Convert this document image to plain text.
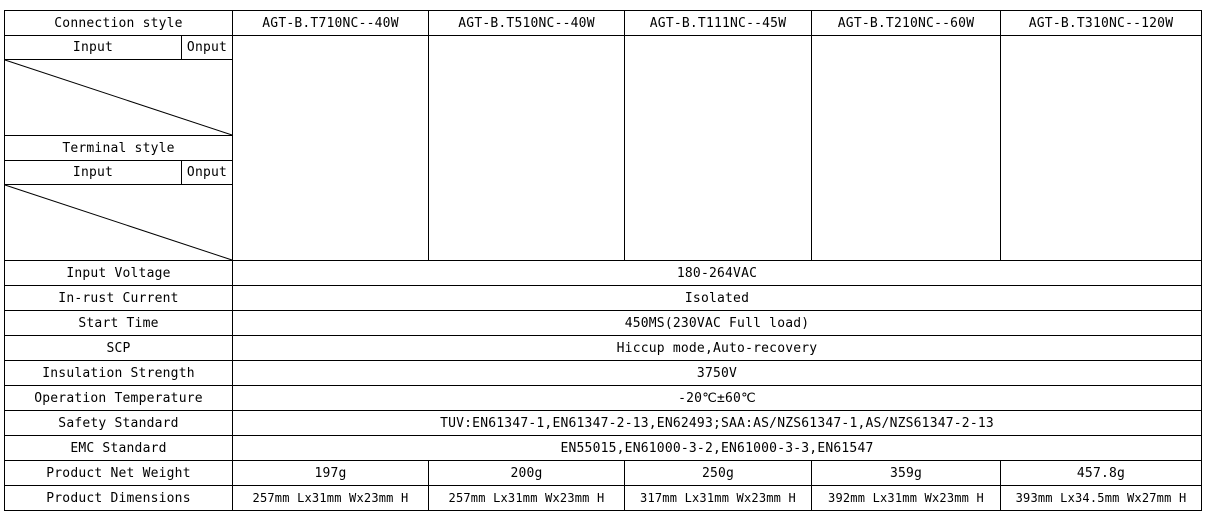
Connection style	AGT-B.T710NC--40W	AGT-B.T510NC--40W	AGT-B.T111NC--45W	AGT-B.T210NC--60W	AGT-B.T310NC--120W
Input	Onput
Terminal style
Input	Onput
Input Voltage	180-264VAC
In-rust Current	Isolated
Start Time	450MS(230VAC Full load)
SCP	Hiccup mode,Auto-recovery
Insulation Strength	3750V
Operation Temperature	-20℃±60℃
Safety Standard	TUV:EN61347-1,EN61347-2-13,EN62493;SAA:AS/NZS61347-1,AS/NZS61347-2-13
EMC Standard	EN55015,EN61000-3-2,EN61000-3-3,EN61547
Product Net Weight	197g	200g	250g	359g	457.8g
Product Dimensions	257mm Lx31mm Wx23mm H	257mm Lx31mm Wx23mm H	317mm Lx31mm Wx23mm H	392mm Lx31mm Wx23mm H	393mm Lx34.5mm Wx27mm H
